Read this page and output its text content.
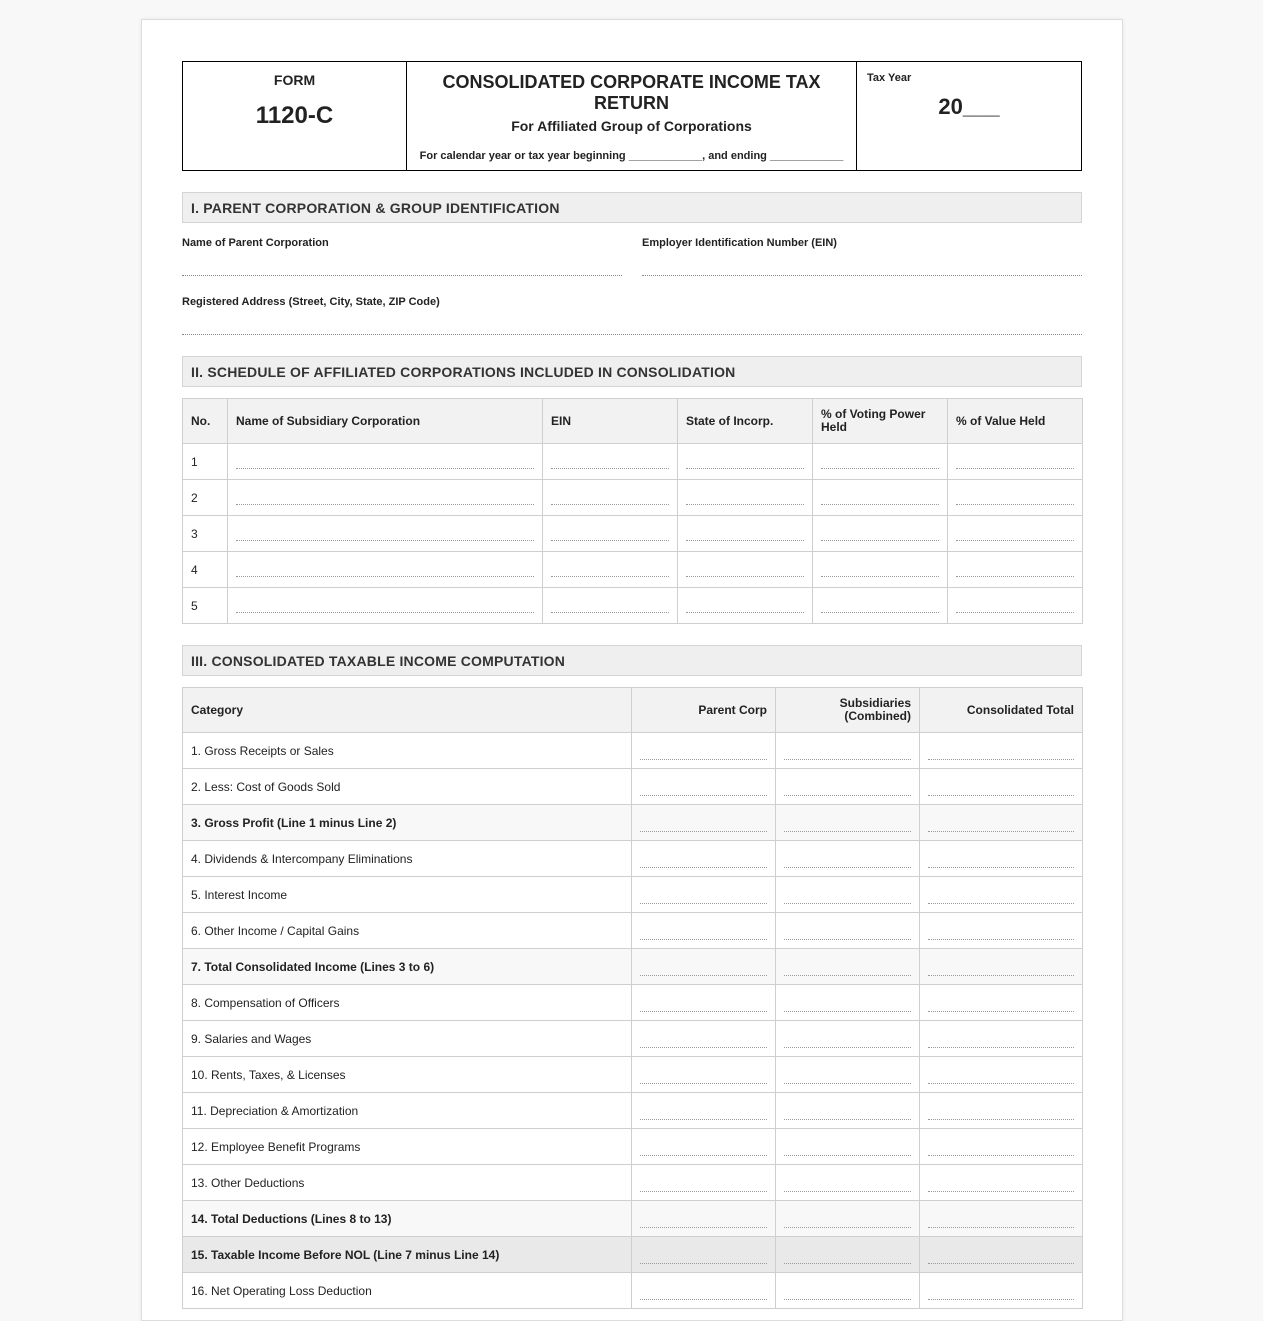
FORM
1120-C
CONSOLIDATED CORPORATE INCOME TAX RETURN
For Affiliated Group of Corporations
For calendar year or tax year beginning ____________, and ending ____________
Tax Year
20___
I. PARENT CORPORATION & GROUP IDENTIFICATION
Name of Parent Corporation	Employer Identification Number (EIN)
Registered Address (Street, City, State, ZIP Code)
II. SCHEDULE OF AFFILIATED CORPORATIONS INCLUDED IN CONSOLIDATION
No.	Name of Subsidiary Corporation	EIN	State of Incorp.	% of Voting Power Held	% of Value Held
1	

2	

3	

4	

5	

III. CONSOLIDATED TAXABLE INCOME COMPUTATION
Category	Parent Corp	Subsidiaries (Combined)	Consolidated Total
1. Gross Receipts or Sales	

2. Less: Cost of Goods Sold	

3. Gross Profit (Line 1 minus Line 2)	

4. Dividends & Intercompany Eliminations	

5. Interest Income	

6. Other Income / Capital Gains	

7. Total Consolidated Income (Lines 3 to 6)	

8. Compensation of Officers	

9. Salaries and Wages	

10. Rents, Taxes, & Licenses	

11. Depreciation & Amortization	

12. Employee Benefit Programs	

13. Other Deductions	

14. Total Deductions (Lines 8 to 13)	

15. Taxable Income Before NOL (Line 7 minus Line 14)	

16. Net Operating Loss Deduction	
